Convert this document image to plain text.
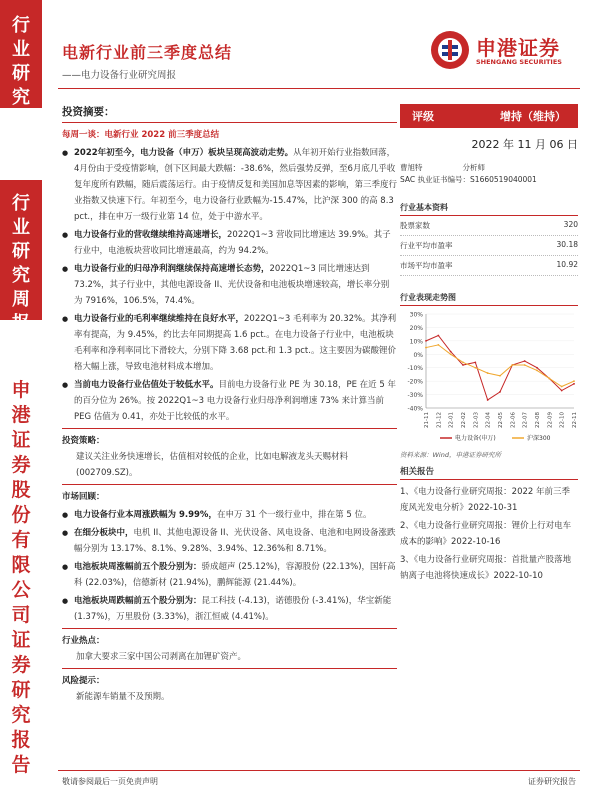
行
业
研
究
行
业
研
究
周
报
申
港
证
券
股
份
有
限
公
司
证
券
研
究
报
告
电新行业前三季度总结
——电力设备行业研究周报
申港证券
SHENGANG SECURITIES
投资摘要：
每周一谈：电新行业 2022 前三季度总结
● 2022年初至今，电力设备（申万）板块呈现高波动走势。从年初开始行业指数回落，4月份由于受疫情影响，创下区间最大跌幅：-38.6%，然后强势反弹，至6月底几乎收复年度所有跌幅，随后震荡运行。由于疫情反复和美国加息等因素的影响，第三季度行业指数又快速下行。年初至今，电力设备行业跌幅为-15.47%，比沪深 300 的高 8.3 pct.，排在申万一级行业第 14 位，处于中游水平。
● 电力设备行业的营收继续维持高速增长，2022Q1~3 营收同比增速达 39.9%。其子行业中，电池板块营收同比增速最高，约为 94.2%。
● 电力设备行业的归母净利润继续保持高速增长态势，2022Q1~3 同比增速达到 73.2%，其子行业中，其他电源设备 II、光伏设备和电池板块增速较高，增长率分别为 7916%，106.5%，74.4%。
● 电力设备行业的毛利率继续维持在良好水平，2022Q1~3 毛利率为 20.32%。其净利率有提高，为 9.45%，约比去年同期提高 1.6 pct.。在电力设备子行业中，电池板块毛利率和净利率同比下滑较大，分别下降 3.68 pct.和 1.3 pct.。这主要因为碳酸锂价格大幅上涨，导致电池材料成本增加。
● 当前电力设备行业估值处于较低水平。目前电力设备行业 PE 为 30.18，PE 在近 5 年的百分位为 26%。按 2022Q1~3 电力设备行业归母净利润增速 73% 来计算当前 PEG 估值为 0.41，亦处于比较低的水平。
投资策略：
建议关注业务快速增长，估值相对较低的企业，比如电解液龙头天赐材料(002709.SZ)。
市场回顾：
● 电力设备行业本周涨跌幅为 9.99%，在申万 31 个一级行业中，排在第 5 位。
● 在细分板块中，电机 II、其他电源设备 II、光伏设备、风电设备、电池和电网设备涨跌幅分别为 13.17%、8.1%、9.28%、3.94%、12.36%和 8.71%。
● 电池板块周涨幅前五个股分别为：骄成超声 (25.12%)，容源股份 (22.13%)，国轩高科 (22.03%)，信德新材 (21.94%)，鹏辉能源 (21.44%)。
● 电池板块周跌幅前五个股分别为：昆工科技 (-4.13)，诺德股份 (-3.41%)，华宝新能 (1.37%)，万里股份 (3.33%)，浙江恒威 (4.41%)。
行业热点：
加拿大要求三家中国公司剥离在加锂矿资产。
风险提示：
新能源车销量不及预期。
评级	增持（维持）
2022 年 11 月 06 日
曹旭特	分析师
SAC 执业证书编号：S1660519040001
行业基本资料
股票家数	320
行业平均市盈率	30.18
市场平均市盈率	10.92
行业表现走势图
30%
20%
10%
0%
-10%
-20%
-30%
-40%
21-11 21-12 22-01 22-02 22-03 22-04 22-05 22-06 22-07 22-08 22-09 22-10 22-11
电力设备(申万)	沪深300
资料来源：Wind，申港证券研究所
相关报告
1、《电力设备行业研究周报：2022 年前三季度风光发电分析》2022-10-31
2、《电力设备行业研究周报：锂价上行对电车成本的影响》2022-10-16
3、《电力设备行业研究周报：首批量产股落地 钠离子电池将快速成长》2022-10-10
敬请参阅最后一页免责声明	证券研究报告
